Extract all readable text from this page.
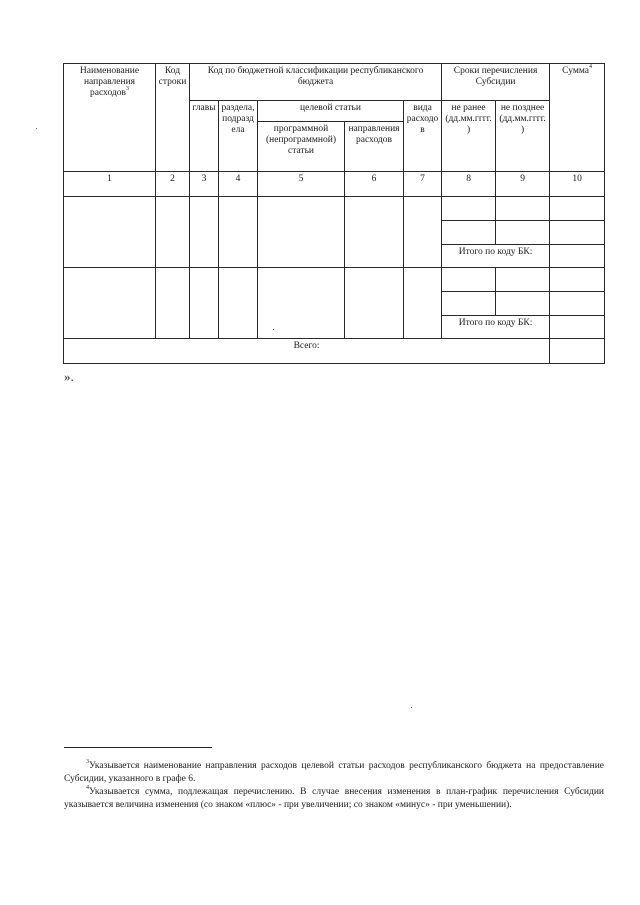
Наименование направления расходов$^3$	Код строки	Код по бюджетной классификации республиканского бюджета					Сроки перечисления Субсидии		Сумма$^4$
		главы	раздела, подраздела	целевой статьи		вида расходов	не ранее (дд.мм.гггг.)	не позднее (дд.мм.гггг.)	
				программной (непрограммной) статьи	направления расходов				
1	2	3	4	5	6	7	8	9	10

							Итого по коду БК:		

							Итого по коду БК:		
Всего:									
».

$^3$Указывается наименование направления расходов целевой статьи расходов республиканского бюджета на предоставление Субсидии, указанного в графе 6.

$^4$Указывается сумма, подлежащая перечислению. В случае внесения изменения в план-график перечисления Субсидии указывается величина изменения (со знаком «плюс» - при увеличении; со знаком «минус» - при уменьшении).
